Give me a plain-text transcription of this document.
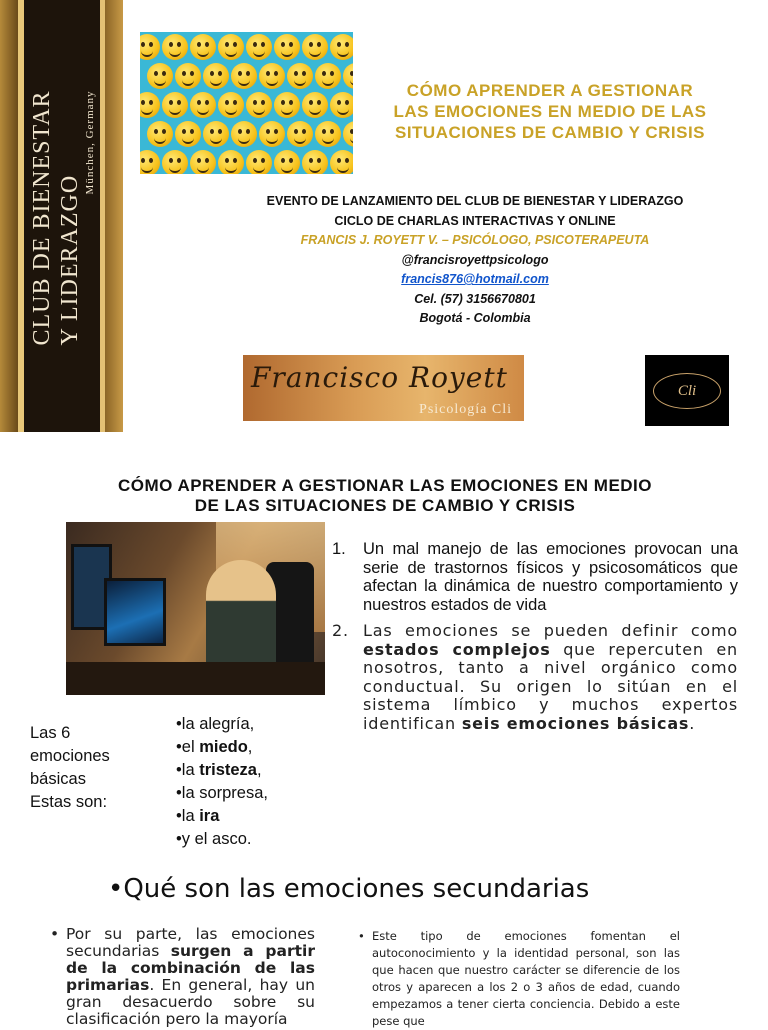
CLUB DE BIENESTAR Y LIDERAZGO
München, Germany	CÓMO APRENDER A GESTIONAR
LAS EMOCIONES EN MEDIO DE LAS
SITUACIONES DE CAMBIO Y CRISIS
EVENTO DE LANZAMIENTO DEL CLUB DE BIENESTAR Y LIDERAZGO
CICLO DE CHARLAS INTERACTIVAS Y ONLINE
FRANCIS J. ROYETT V. – PSICÓLOGO, PSICOTERAPEUTA
@francisroyettpsicologo
francis876@hotmail.com
Cel. (57) 3156670801
Bogotá - Colombia
Francisco Royett
Psicología Cli
Cli
CÓMO APRENDER A GESTIONAR LAS EMOCIONES EN MEDIO
DE LAS SITUACIONES DE CAMBIO Y CRISIS
1. Un mal manejo de las emociones provocan una serie de trastornos físicos y psicosomáticos que afectan la dinámica de nuestro comportamiento y nuestros estados de vida
2. Las emociones se pueden definir como estados complejos que repercuten en nosotros, tanto a nivel orgánico como conductual. Su origen lo sitúan en el sistema límbico y muchos expertos identifican seis emociones básicas.
Las 6
emociones
básicas
Estas son:
•la alegría,
•el miedo,
•la tristeza,
•la sorpresa,
•la ira
•y el asco.
•Qué son las emociones secundarias
• Por su parte, las emociones secundarias surgen a partir de la combinación de las primarias. En general, hay un gran desacuerdo sobre su clasificación pero la mayoría
• Este tipo de emociones fomentan el autoconocimiento y la identidad personal, son las que hacen que nuestro carácter se diferencie de los otros y aparecen a los 2 o 3 años de edad, cuando empezamos a tener cierta conciencia. Debido a este pese que
